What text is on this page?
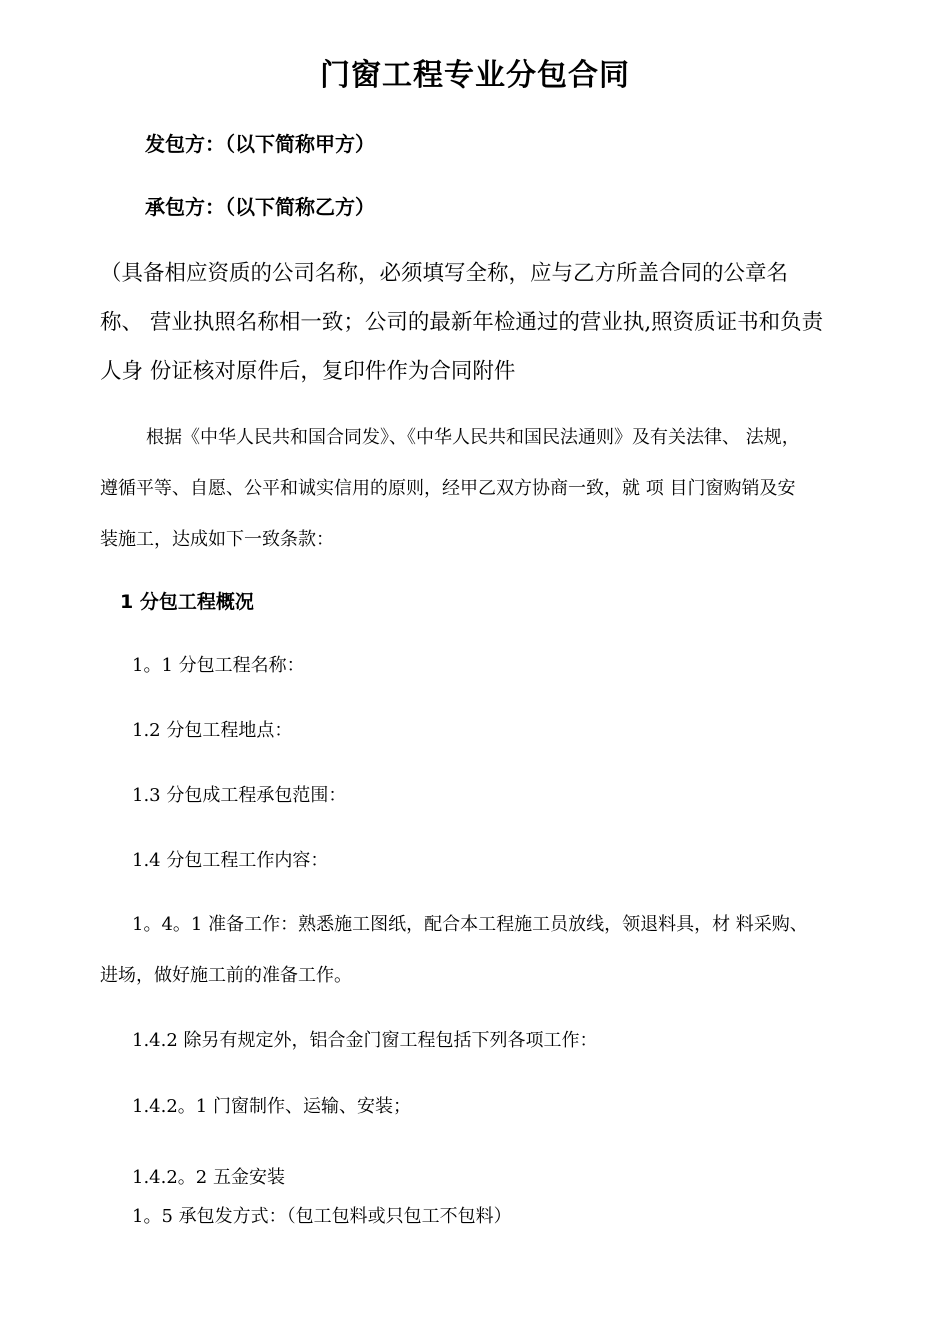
门窗工程专业分包合同
发包方：（以下简称甲方）
承包方：（以下简称乙方）
（具备相应资质的公司名称，必须填写全称，应与乙方所盖合同的公章名
称、 营业执照名称相一致；公司的最新年检通过的营业执,照资质证书和负责
人身 份证核对原件后，复印件作为合同附件
根据《中华人民共和国合同发》、《中华人民共和国民法通则》及有关法律、 法规，
遵循平等、自愿、公平和诚实信用的原则，经甲乙双方协商一致，就 项 目门窗购销及安
装施工，达成如下一致条款：
1 分包工程概况
1。1 分包工程名称：
1.2 分包工程地点：
1.3 分包成工程承包范围：
1.4 分包工程工作内容：
1。4。1 准备工作：熟悉施工图纸，配合本工程施工员放线，领退料具，材 料采购、
进场，做好施工前的准备工作。
1.4.2 除另有规定外，铝合金门窗工程包括下列各项工作：
1.4.2。1 门窗制作、运输、安装；
1.4.2。2 五金安装
1。5 承包发方式：（包工包料或只包工不包料）
